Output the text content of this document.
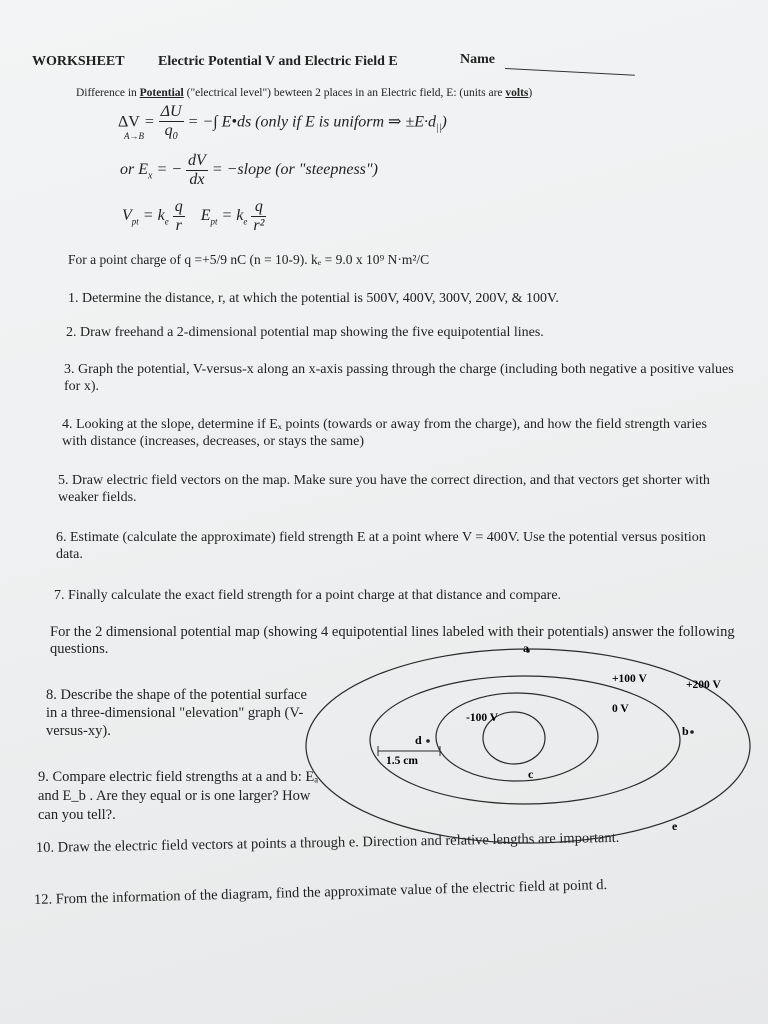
WORKSHEET Electric Potential V and Electric Field E	Name
Difference in Potential ("electrical level") bewteen 2 places in an Electric field, E: (units are volts)
$\Delta V = \frac{\Delta U}{q_0}$ = −∫ E•ds (only if E is uniform ⇒ $\pm E\cdot d_{||}$)
A→B
or $E_x$ = − $\frac{dV}{dx}$ = −slope (or "steepness")
$V_{pt} = k_e \frac{q}{r} E_{pt} = k_e \frac{q}{\text{r²}}$
For a point charge of q =+5/9 nC (n = 10-9). kₑ = 9.0 x 10⁹ N·m²/C
1. Determine the distance, r, at which the potential is 500V, 400V, 300V, 200V, & 100V.
2. Draw freehand a 2-dimensional potential map showing the five equipotential lines.
3. Graph the potential, V-versus-x along an x-axis passing through the charge (including both negative a positive values for x).
4. Looking at the slope, determine if Eₓ points (towards or away from the charge), and how the field strength varies with distance (increases, decreases, or stays the same)
5. Draw electric field vectors on the map. Make sure you have the correct direction, and that vectors get shorter with weaker fields.
6. Estimate (calculate the approximate) field strength E at a point where V = 400V. Use the potential versus position data.
7. Finally calculate the exact field strength for a point charge at that distance and compare.
For the 2 dimensional potential map (showing 4 equipotential lines labeled with their potentials) answer the following questions.
8. Describe the shape of the potential surface in a three-dimensional "elevation" graph (V-versus-xy).
9. Compare electric field strengths at a and b: Eₐ and E_b . Are they equal or is one larger? How can you tell?.
a
+100 V	+200 V
0 V
-100 V
b
d
1.5 cm
c
e
10. Draw the electric field vectors at points a through e. Direction and relative lengths are important.
12. From the information of the diagram, find the approximate value of the electric field at point d.
